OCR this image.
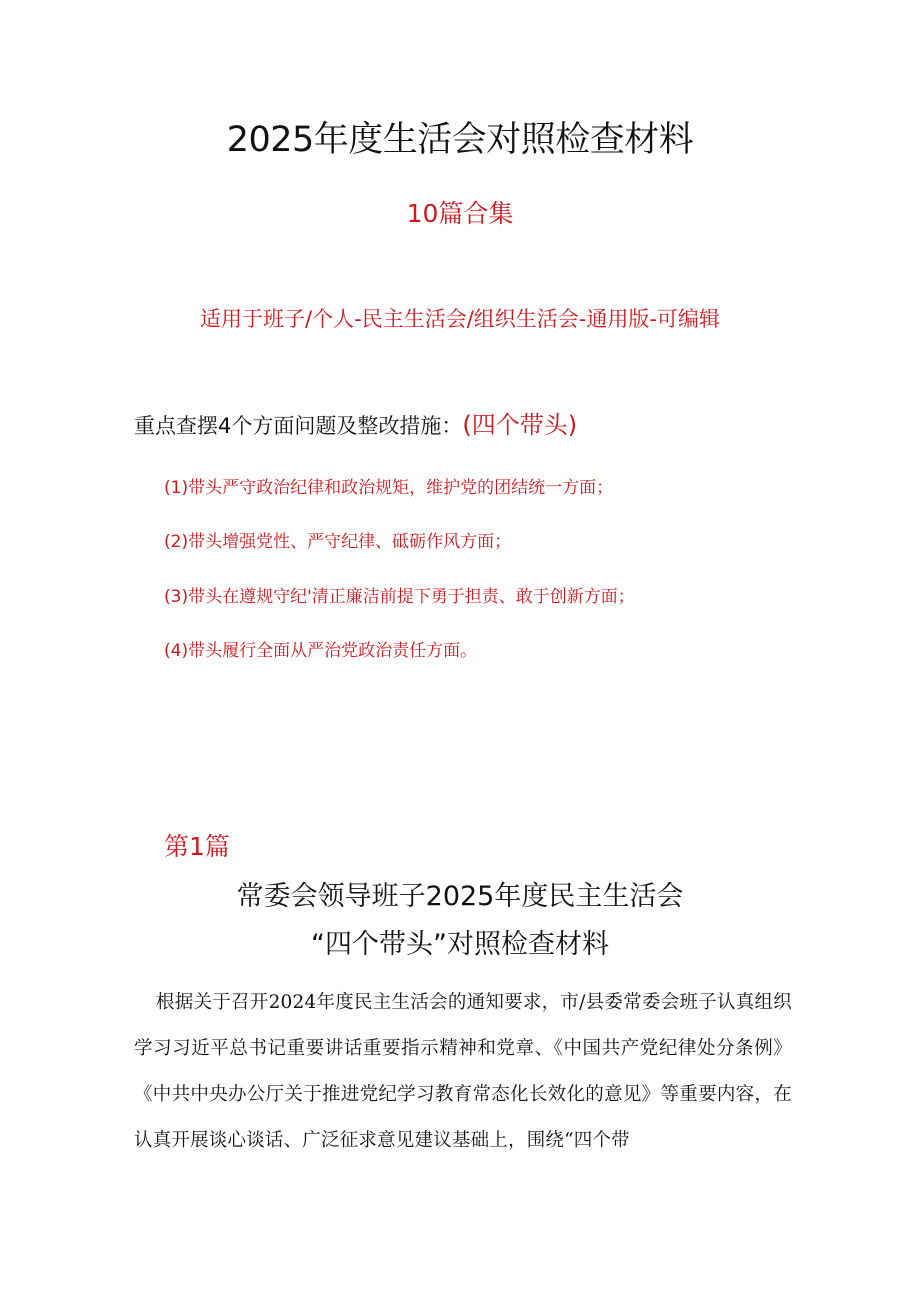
2025年度生活会对照检查材料
10篇合集
适用于班子/个人-民主生活会/组织生活会-通用版-可编辑
重点查摆4个方面问题及整改措施：(四个带头)
(1)带头严守政治纪律和政治规矩，维护党的团结统一方面；
(2)带头增强党性、严守纪律、砥砺作风方面；
(3)带头在遵规守纪'清正廉洁前提下勇于担责、敢于创新方面；
(4)带头履行全面从严治党政治责任方面。
第1篇
常委会领导班子2025年度民主生活会
“四个带头”对照检查材料
根据关于召开2024年度民主生活会的通知要求，市/县委常委会班子认真组织学习习近平总书记重要讲话重要指示精神和党章、《中国共产党纪律处分条例》《中共中央办公厅关于推进党纪学习教育常态化长效化的意见》等重要内容，在认真开展谈心谈话、广泛征求意见建议基础上，围绕“四个带
